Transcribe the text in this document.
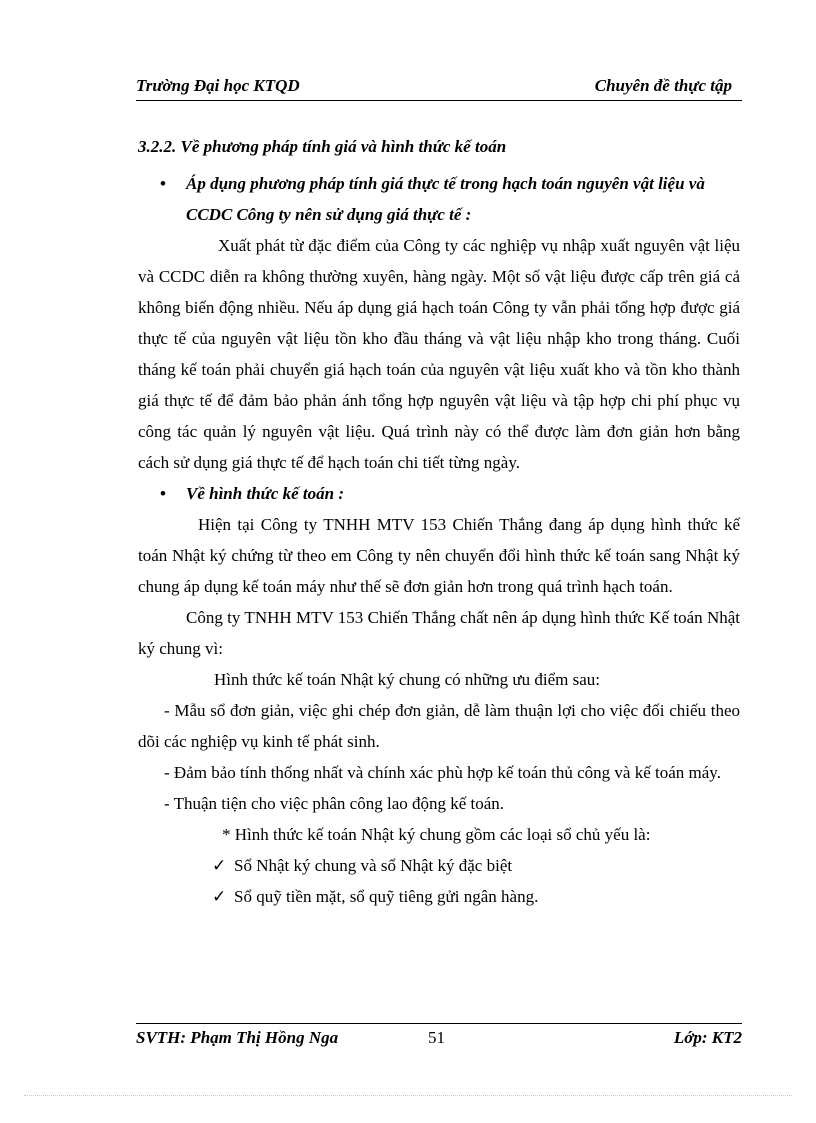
Trường Đại học KTQD	Chuyên đề thực tập
3.2.2. Về phương pháp tính giá và hình thức kế toán
• Áp dụng phương pháp tính giá thực tế trong hạch toán nguyên vật liệu và CCDC Công ty nên sử dụng giá thực tế :

Xuất phát từ đặc điểm của Công ty các nghiệp vụ nhập xuất nguyên vật liệu và CCDC diễn ra không thường xuyên, hàng ngày. Một số vật liệu được cấp trên giá cả không biến động nhiều. Nếu áp dụng giá hạch toán Công ty vẫn phải tổng hợp được giá thực tế của nguyên vật liệu tồn kho đầu tháng và vật liệu nhập kho trong tháng. Cuối tháng kế toán phải chuyển giá hạch toán của nguyên vật liệu xuất kho và tồn kho thành giá thực tế để đảm bảo phản ánh tổng hợp nguyên vật liệu và tập hợp chi phí phục vụ công tác quản lý nguyên vật liệu. Quá trình này có thể được làm đơn giản hơn bằng cách sử dụng giá thực tế để hạch toán chi tiết từng ngày.

• Về hình thức kế toán :

Hiện tại Công ty TNHH MTV 153 Chiến Thắng đang áp dụng hình thức kế toán Nhật ký chứng từ theo em Công ty nên chuyển đổi hình thức kế toán sang Nhật ký chung áp dụng kế toán máy như thế sẽ đơn giản hơn trong quá trình hạch toán.

Công ty TNHH MTV 153 Chiến Thắng chất nên áp dụng hình thức Kế toán Nhật ký chung vì:

Hình thức kế toán Nhật ký chung có những ưu điểm sau:

- Mẫu sổ đơn giản, việc ghi chép đơn giản, dễ làm thuận lợi cho việc đối chiếu theo dõi các nghiệp vụ kinh tế phát sinh.

- Đảm bảo tính thống nhất và chính xác phù hợp kế toán thủ công và kế toán máy.

- Thuận tiện cho việc phân công lao động kế toán.

* Hình thức kế toán Nhật ký chung gồm các loại sổ chủ yếu là:

✓ Sổ Nhật ký chung và sổ Nhật ký đặc biệt
✓ Sổ quỹ tiền mặt, sổ quỹ tiêng gửi ngân hàng.
SVTH: Phạm Thị Hồng Nga	51	Lớp: KT2
